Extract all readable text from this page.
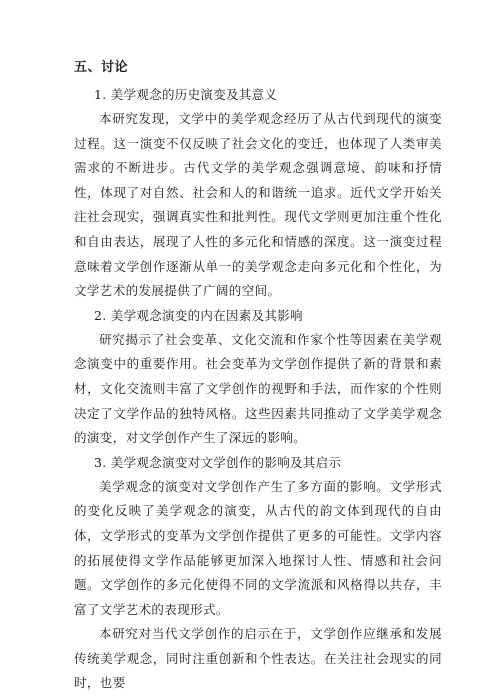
五、讨论
1. 美学观念的历史演变及其意义

本研究发现，文学中的美学观念经历了从古代到现代的演变过程。这一演变不仅反映了社会文化的变迁，也体现了人类审美需求的不断进步。古代文学的美学观念强调意境、韵味和抒情性，体现了对自然、社会和人的和谐统一追求。近代文学开始关注社会现实，强调真实性和批判性。现代文学则更加注重个性化和自由表达，展现了人性的多元化和情感的深度。这一演变过程意味着文学创作逐渐从单一的美学观念走向多元化和个性化，为文学艺术的发展提供了广阔的空间。

2. 美学观念演变的内在因素及其影响

研究揭示了社会变革、文化交流和作家个性等因素在美学观念演变中的重要作用。社会变革为文学创作提供了新的背景和素材，文化交流则丰富了文学创作的视野和手法，而作家的个性则决定了文学作品的独特风格。这些因素共同推动了文学美学观念的演变，对文学创作产生了深远的影响。

3. 美学观念演变对文学创作的影响及其启示

美学观念的演变对文学创作产生了多方面的影响。文学形式的变化反映了美学观念的演变，从古代的韵文体到现代的自由体，文学形式的变革为文学创作提供了更多的可能性。文学内容的拓展使得文学作品能够更加深入地探讨人性、情感和社会问题。文学创作的多元化使得不同的文学流派和风格得以共存，丰富了文学艺术的表现形式。

本研究对当代文学创作的启示在于，文学创作应继承和发展传统美学观念，同时注重创新和个性表达。在关注社会现实的同时，也要
